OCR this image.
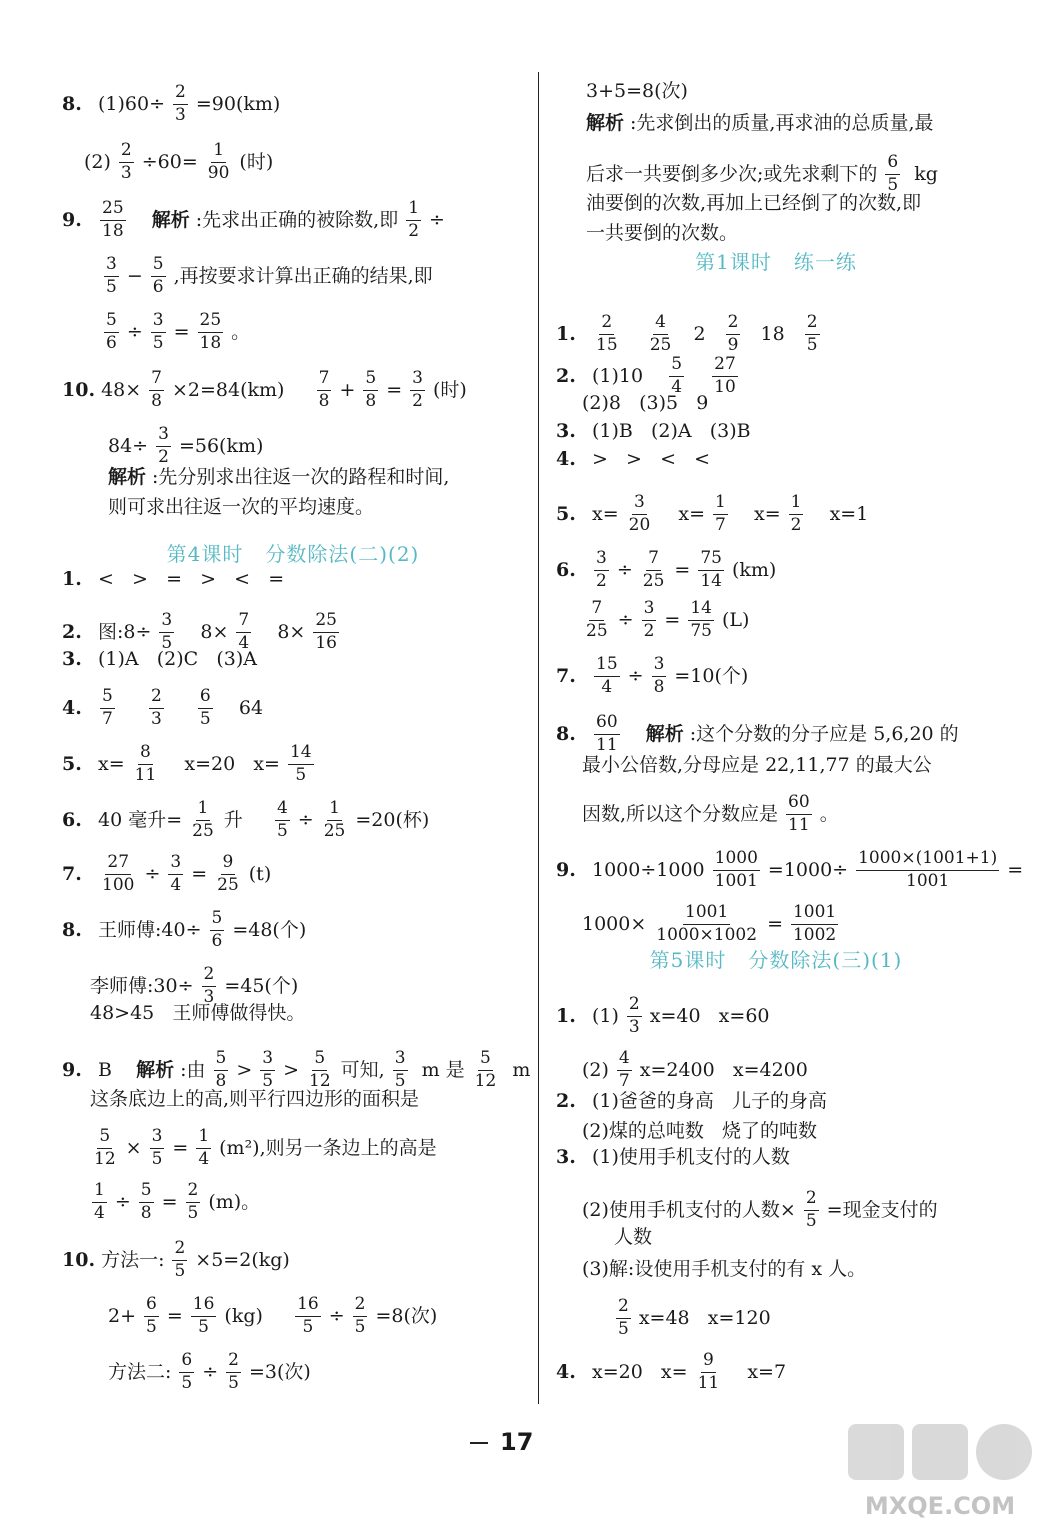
8. $(1)60\div \frac{2}{3} =90(km)$
$(2) \frac{2}{3} \div 60= \frac{1}{90}$ (时)
9.	$\frac{25}{18}$
解析 :先求出正确的被除数,即 $\frac{1}{2}$ ÷
$\frac{3}{5} - \frac{5}{6}$ ,再按要求计算出正确的结果,即
$\frac{5}{6} \div \frac{3}{5} = \frac{25}{18}$ 。
10. $48\times \frac{7}{8} \times 2=84(km) \frac{7}{8} + \frac{5}{8} = \frac{3}{2}$ (时)
$84\div \frac{3}{2} =56(km)$
解析 :先分别求出往返一次的路程和时间,
则可求出往返一次的平均速度。
1. <   >   =   >   <   =
2. 图:8÷ $\frac{3}{5} 8\times \frac{7}{4} 8\times \frac{25}{16}$
3. (1)A   (2)C   (3)A
4.	$\frac{5}{7}$
$\frac{2}{3}$
$\frac{6}{5} 64$
5. $x= \frac{8}{11} x=20$   $x= \frac{14}{5}$
6. 40 毫升= $\frac{1}{25}$ 升 $\frac{4}{5} \div \frac{1}{25} =20$(杯)
7.	$\frac{27}{100} \div \frac{3}{4} = \frac{9}{25} (t)$
8. 王师傅:40÷ $\frac{5}{6} =48$(个)
李师傅:30÷ $\frac{2}{3} =45$(个)
48>45   王师傅做得快。
9. B 解析 :由 $\frac{5}{8} > \frac{3}{5} > \frac{5}{12}$ 可知, $\frac{3}{5}$ m 是 $\frac{5}{12}$ m
这条底边上的高,则平行四边形的面积是
$\frac{5}{12} \times \frac{3}{5} = \frac{1}{4} (m^2)$,则另一条边上的高是
$\frac{1}{4} \div \frac{5}{8} = \frac{2}{5} (m)$。
10. 方法一: $\frac{2}{5} \times 5=2(kg)$
$2+ \frac{6}{5} = \frac{16}{5} (kg) \frac{16}{5} \div \frac{2}{5} =8$(次)
方法二: $\frac{6}{5} \div \frac{2}{5} =3$(次)
第4课时   分数除法(二)(2)
3+5=8(次)
解析 :先求倒出的质量,再求油的总质量,最
后求一共要倒多少次;或先求剩下的 $\frac{6}{5}$ kg
油要倒的次数,再加上已经倒了的次数,即
一共要倒的次数。
1.	$\frac{2}{15}$
$\frac{4}{25} 2 \frac{2}{9} 18 \frac{2}{5}$
2. $(1)10 \frac{5}{4}$
$\frac{27}{10}$
(2)8   (3)5   9
3. (1)B   (2)A   (3)B
4. >   >   <   <
5. $x= \frac{3}{20} x= \frac{1}{7} x= \frac{1}{2} x=1$
6.	$\frac{3}{2} \div \frac{7}{25} = \frac{75}{14} (km)$
$\frac{7}{25} \div \frac{3}{2} = \frac{14}{75} (L)$
7.	$\frac{15}{4} \div \frac{3}{8} =10$(个)
8.	$\frac{60}{11}$
解析 :这个分数的分子应是 5,6,20 的
最小公倍数,分母应是 22,11,77 的最大公
因数,所以这个分数应是 $\frac{60}{11}$ 。
9. $1000\div 1000 \frac{1000}{1001} =1000\div \frac{1000\times(1001+1)}{1001}$ =
$1000\times \frac{1001}{1000\times 1002} = \frac{1001}{1002}$
1. $(1) \frac{2}{3} x=40$   x=60
$(2) \frac{4}{7} x=2400$   x=4200
2. (1)爸爸的身高   儿子的身高
(2)煤的总吨数   烧了的吨数
3. (1)使用手机支付的人数
(2)使用手机支付的人数× $\frac{2}{5}$ =现金支付的
人数
(3)解:设使用手机支付的有 x 人。
$\frac{2}{5} x=48$   x=120
4. x=20   $x= \frac{9}{11} x=7$
第1课时   练一练
第5课时   分数除法(三)(1)
17
MXQE.COM
